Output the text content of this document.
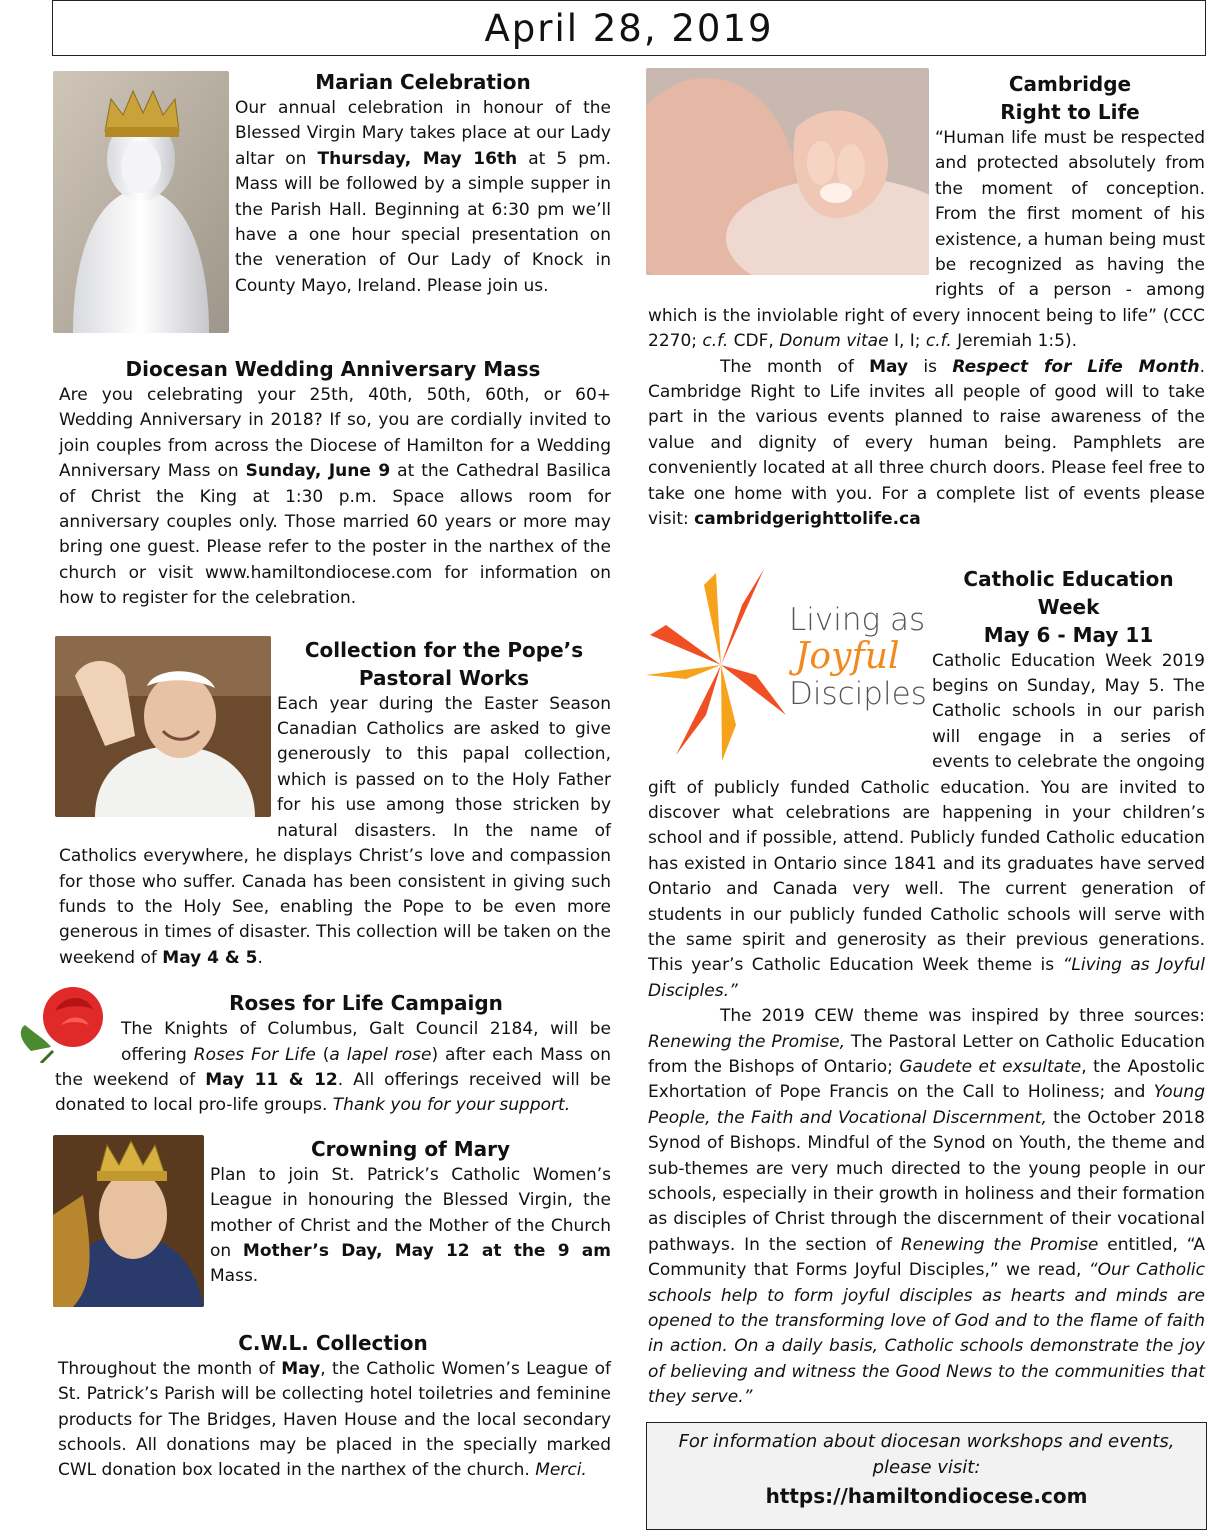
April 28, 2019
Marian Celebration

Our annual celebration in honour of the Blessed Virgin Mary takes place at our Lady altar on Thursday, May 16th at 5 pm. Mass will be followed by a simple supper in the Parish Hall. Beginning at 6:30 pm we’ll have a one hour special presentation on the veneration of Our Lady of Knock in County Mayo, Ireland. Please join us.

Diocesan Wedding Anniversary Mass

Are you celebrating your 25th, 40th, 50th, 60th, or 60+ Wedding Anniversary in 2018? If so, you are cordially invited to join couples from across the Diocese of Hamilton for a Wedding Anniversary Mass on Sunday, June 9 at the Cathedral Basilica of Christ the King at 1:30 p.m. Space allows room for anniversary couples only. Those married 60 years or more may bring one guest. Please refer to the poster in the narthex of the church or visit www.hamiltondiocese.com for information on how to register for the celebration.

Collection for the Pope’s Pastoral Works

Each year during the Easter Season Canadian Catholics are asked to give generously to this papal collection, which is passed on to the Holy Father for his use among those stricken by natural disasters. In the name of Catholics everywhere, he displays Christ’s love and compassion for those who suffer. Canada has been consistent in giving such funds to the Holy See, enabling the Pope to be even more generous in times of disaster. This collection will be taken on the weekend of May 4 & 5.

Roses for Life Campaign

The Knights of Columbus, Galt Council 2184, will be offering Roses For Life (a lapel rose) after each Mass on the weekend of May 11 & 12. All offerings received will be donated to local pro-life groups. Thank you for your support.

Crowning of Mary

Plan to join St. Patrick’s Catholic Women’s League in honouring the Blessed Virgin, the mother of Christ and the Mother of the Church on Mother’s Day, May 12 at the 9 am Mass.

C.W.L. Collection

Throughout the month of May, the Catholic Women’s League of St. Patrick’s Parish will be collecting hotel toiletries and feminine products for The Bridges, Haven House and the local secondary schools. All donations may be placed in the specially marked CWL donation box located in the narthex of the church. Merci.

Cambridge
Right to Life

“Human life must be respected and protected absolutely from the moment of conception. From the first moment of his existence, a human being must be recognized as having the rights of a person - among which is the inviolable right of every innocent being to life” (CCC 2270; c.f. CDF, Donum vitae I, I; c.f. Jeremiah 1:5).

The month of May is Respect for Life Month. Cambridge Right to Life invites all people of good will to take part in the various events planned to raise awareness of the value and dignity of every human being. Pamphlets are conveniently located at all three church doors. Please feel free to take one home with you. For a complete list of events please visit: cambridgerighttolife.ca

Living as
Joyful
Disciples
Catholic Education
Week
May 6 - May 11

Catholic Education Week 2019 begins on Sunday, May 5. The Catholic schools in our parish will engage in a series of events to celebrate the ongoing gift of publicly funded Catholic education. You are invited to discover what celebrations are happening in your children’s school and if possible, attend. Publicly funded Catholic education has existed in Ontario since 1841 and its graduates have served Ontario and Canada very well. The current generation of students in our publicly funded Catholic schools will serve with the same spirit and generosity as their previous generations. This year’s Catholic Education Week theme is “Living as Joyful Disciples.”

The 2019 CEW theme was inspired by three sources: Renewing the Promise, The Pastoral Letter on Catholic Education from the Bishops of Ontario; Gaudete et exsultate, the Apostolic Exhortation of Pope Francis on the Call to Holiness; and Young People, the Faith and Vocational Discernment, the October 2018 Synod of Bishops. Mindful of the Synod on Youth, the theme and sub-themes are very much directed to the young people in our schools, especially in their growth in holiness and their formation as disciples of Christ through the discernment of their vocational pathways. In the section of Renewing the Promise entitled, “A Community that Forms Joyful Disciples,” we read, “Our Catholic schools help to form joyful disciples as hearts and minds are opened to the transforming love of God and to the flame of faith in action. On a daily basis, Catholic schools demonstrate the joy of believing and witness the Good News to the communities that they serve.”

For information about diocesan workshops and events, please visit:
https://hamiltondiocese.com
